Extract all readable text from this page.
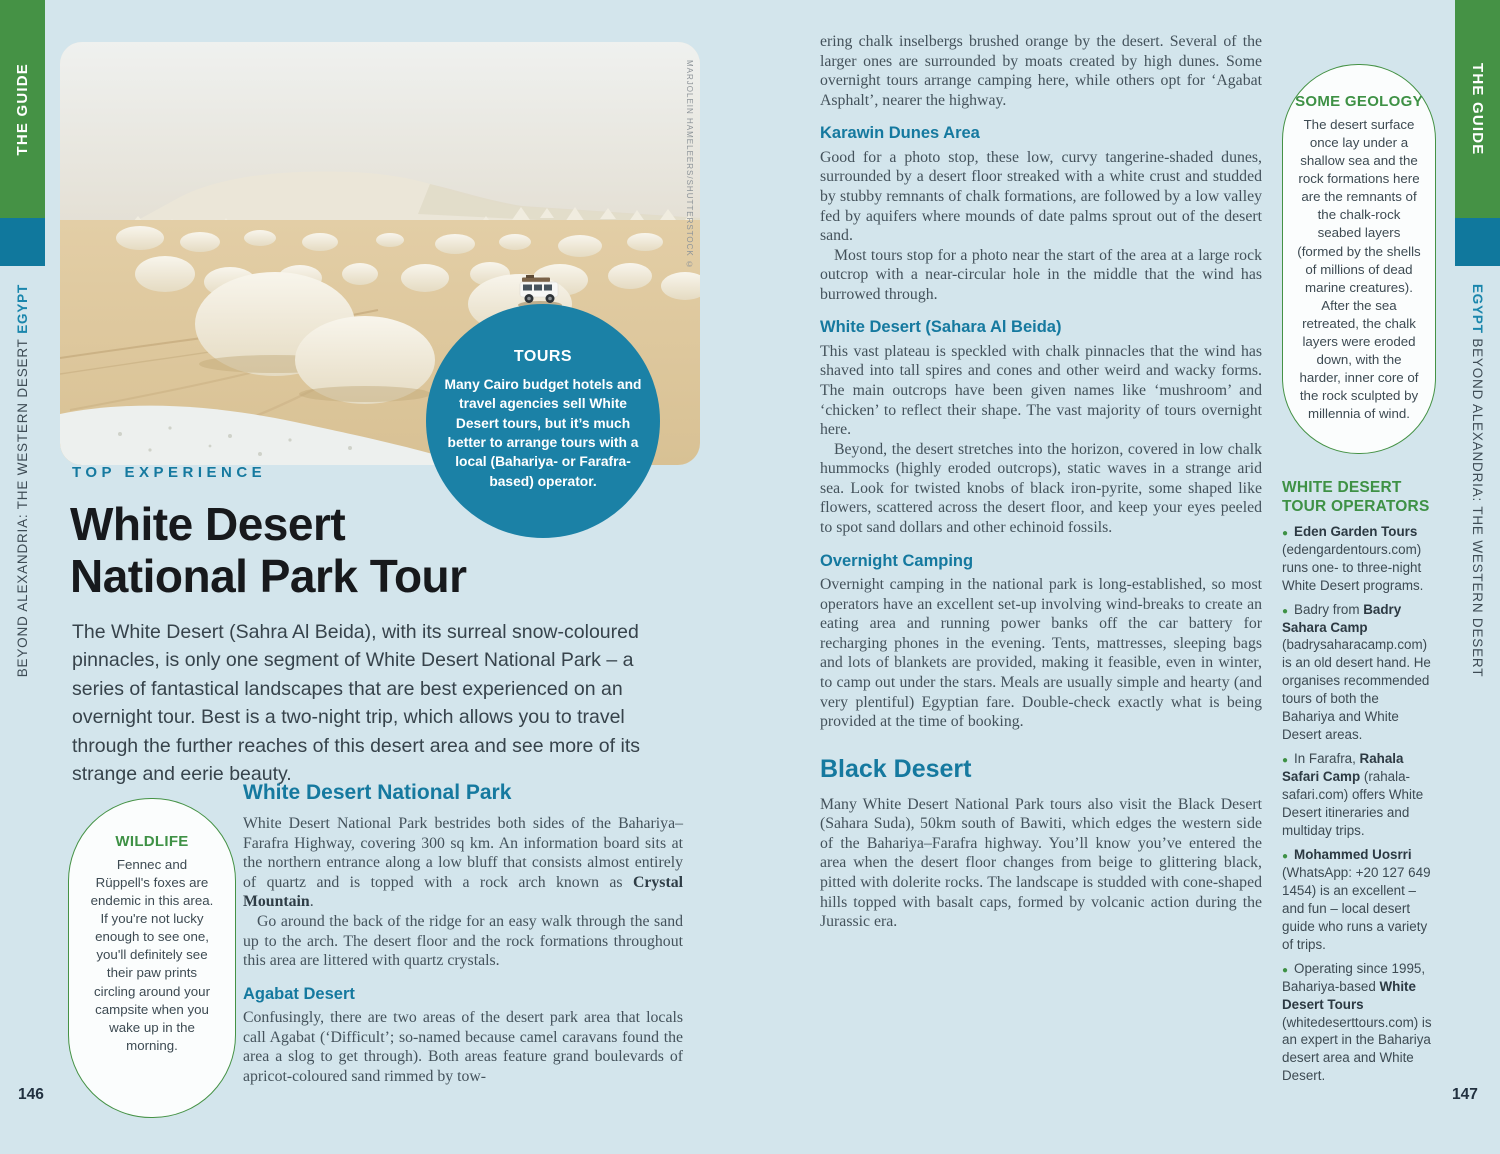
THE GUIDE
BEYOND ALEXANDRIA: THE WESTERN DESERT EGYPT
MARJOLEIN HAMELEERS/SHUTTERSTOCK ©
TOURS

Many Cairo budget hotels and travel agencies sell White Desert tours, but it’s much better to arrange tours with a local (Bahariya- or Farafra-based) operator.

TOP EXPERIENCE
White Desert
National Park Tour
The White Desert (Sahra Al Beida), with its surreal snow-coloured pinnacles, is only one segment of White Desert National Park – a series of fantastical landscapes that are best experienced on an overnight tour. Best is a two-night trip, which allows you to travel through the further reaches of this desert area and see more of its strange and eerie beauty.
WILDLIFE

Fennec and Rüppell's foxes are endemic in this area. If you're not lucky enough to see one, you'll definitely see their paw prints circling around your campsite when you wake up in the morning.

White Desert National Park

White Desert National Park bestrides both sides of the Bahariya–Farafra Highway, covering 300 sq km. An information board sits at the northern entrance along a low bluff that consists almost entirely of quartz and is topped with a rock arch known as Crystal Mountain.

Go around the back of the ridge for an easy walk through the sand up to the arch. The desert floor and the rock formations throughout this area are littered with quartz crystals.

Agabat Desert

Confusingly, there are two areas of the desert park area that locals call Agabat (‘Difficult’; so-named because camel caravans found the area a slog to get through). Both areas feature grand boulevards of apricot-coloured sand rimmed by tow-

ering chalk inselbergs brushed orange by the desert. Several of the larger ones are surrounded by moats created by high dunes. Some overnight tours arrange camping here, while others opt for ‘Agabat Asphalt’, nearer the highway.

Karawin Dunes Area

Good for a photo stop, these low, curvy tangerine-shaded dunes, surrounded by a desert floor streaked with a white crust and studded by stubby remnants of chalk formations, are followed by a low valley fed by aquifers where mounds of date palms sprout out of the desert sand.

Most tours stop for a photo near the start of the area at a large rock outcrop with a near-circular hole in the middle that the wind has burrowed through.

White Desert (Sahara Al Beida)

This vast plateau is speckled with chalk pinnacles that the wind has shaved into tall spires and cones and other weird and wacky forms. The main outcrops have been given names like ‘mushroom’ and ‘chicken’ to reflect their shape. The vast majority of tours overnight here.

Beyond, the desert stretches into the horizon, covered in low chalk hummocks (highly eroded outcrops), static waves in a strange arid sea. Look for twisted knobs of black iron-pyrite, some shaped like flowers, scattered across the desert floor, and keep your eyes peeled to spot sand dollars and other echinoid fossils.

Overnight Camping

Overnight camping in the national park is long-established, so most operators have an excellent set-up involving wind-breaks to create an eating area and running power banks off the car battery for recharging phones in the evening. Tents, mattresses, sleeping bags and lots of blankets are provided, making it feasible, even in winter, to camp out under the stars. Meals are usually simple and hearty (and very plentiful) Egyptian fare. Double-check exactly what is being provided at the time of booking.

Black Desert

Many White Desert National Park tours also visit the Black Desert (Sahara Suda), 50km south of Bawiti, which edges the western side of the Bahariya–Farafra highway. You’ll know you’ve entered the area when the desert floor changes from beige to glittering black, pitted with dolerite rocks. The landscape is studded with cone-shaped hills topped with basalt caps, formed by volcanic action during the Jurassic era.

SOME GEOLOGY

The desert surface once lay under a shallow sea and the rock formations here are the remnants of the chalk-rock seabed layers (formed by the shells of millions of dead marine creatures). After the sea retreated, the chalk layers were eroded down, with the harder, inner core of the rock sculpted by millennia of wind.

WHITE DESERT TOUR OPERATORS
● Eden Garden Tours (edengardentours.com) runs one- to three-night White Desert programs.
● Badry from Badry Sahara Camp (badrysaharacamp.com) is an old desert hand. He organises recommended tours of both the Bahariya and White Desert areas.
● In Farafra, Rahala Safari Camp (rahala-safari.com) offers White Desert itineraries and multiday trips.
● Mohammed Uosrri (WhatsApp: +20 127 649 1454) is an excellent – and fun – local desert guide who runs a variety of trips.
● Operating since 1995, Bahariya-based White Desert Tours (whitedeserttours.com) is an expert in the Bahariya desert area and White Desert.
THE GUIDE
EGYPT BEYOND ALEXANDRIA: THE WESTERN DESERT
146	147
